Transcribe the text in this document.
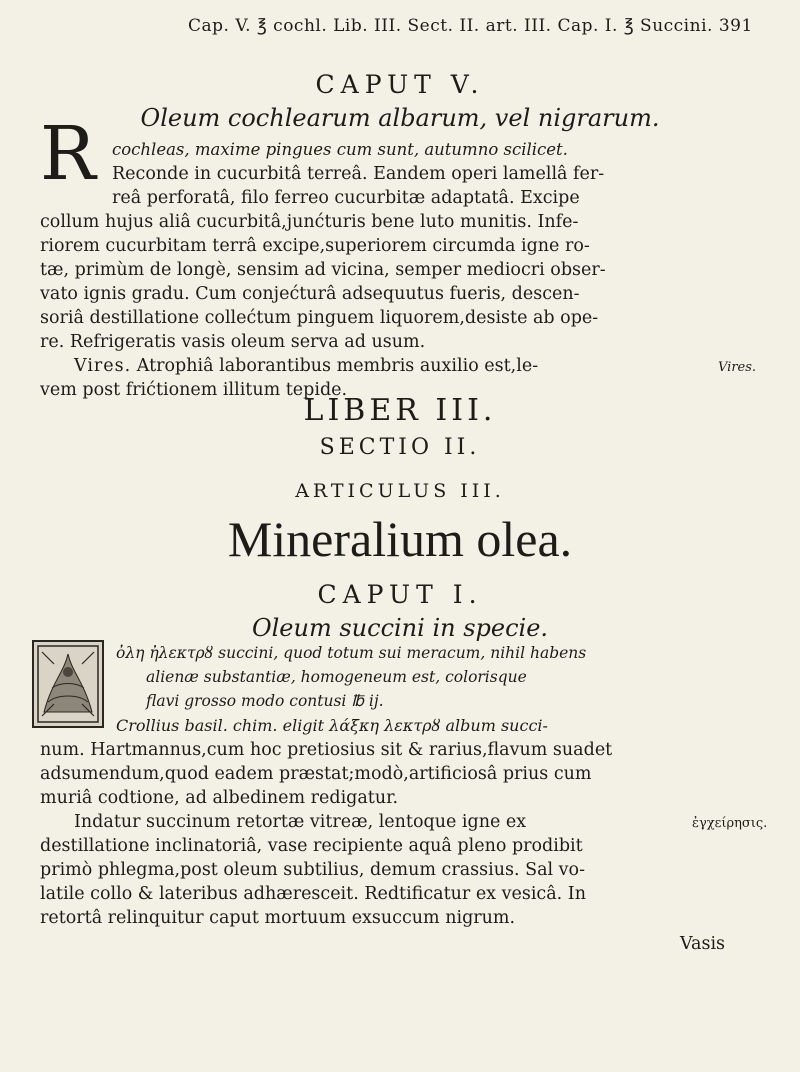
Cap. V. ℥ cochl. Lib. III. Sect. II. art. III. Cap. I. ℥ Succini. 391
CAPUT V.
Oleum cochlearum albarum, vel nigrarum.
R cochleas, maxime pingues cum sunt, autumno scilicet.
Recondе in cucurbitâ terreâ. Eandem operi lamellâ fer-
reâ perforatâ, filo ferreo cucurbitæ adaptatâ. Excipe
collum hujus aliâ cucurbitâ,junćturis bene luto munitis. Infe-
riorem cucurbitam terrâ excipe,superiorem circumda igne ro-
tæ, primùm de longè, sensim ad vicina, semper mediocri obser-
vato ignis gradu. Cum conjećturâ adsequutus fueris, descen-
soriâ destillatione collećtum pinguem liquorem,desiste ab ope-
re. Refrigeratis vasis oleum serva ad usum.
Vires. Atrophiâ laborantibus membris auxilio est,le-	Vires.
vem post frićtionem illitum tepide.
LIBER III.
SECTIO II.
ARTICULUS III.
Mineralium olea.
CAPUT I.
Oleum succini in specie.
ὀλη ἠλεκτρȣ succini, quod totum sui meracum, nihil habens
alienæ substantiæ, homogeneum est, colorisque
flavi grosso modo contusi ℔ ij.
Crollius basil. chim. eligit λάξκη λεκτρȣ album succi-
num. Hartmannus,cum hoc pretiosius sit & rarius,flavum suadet
adsumendum,quod eadem præstat;modò,artificiosâ prius cum
muriâ codtione, ad albedinem redigatur.
Indatur succinum retortæ vitreæ, lentoque igne ex	ἐγχείρησις.
destillatione inclinatoriâ, vase recipiente aquâ pleno prodibit
primò phlegma,post oleum subtilius, demum crassius. Sal vo-
latile collo & lateribus adhæresceit. Redtificatur ex vesicâ. In
retortâ relinquitur caput mortuum exsuccum nigrum.
Vasis
